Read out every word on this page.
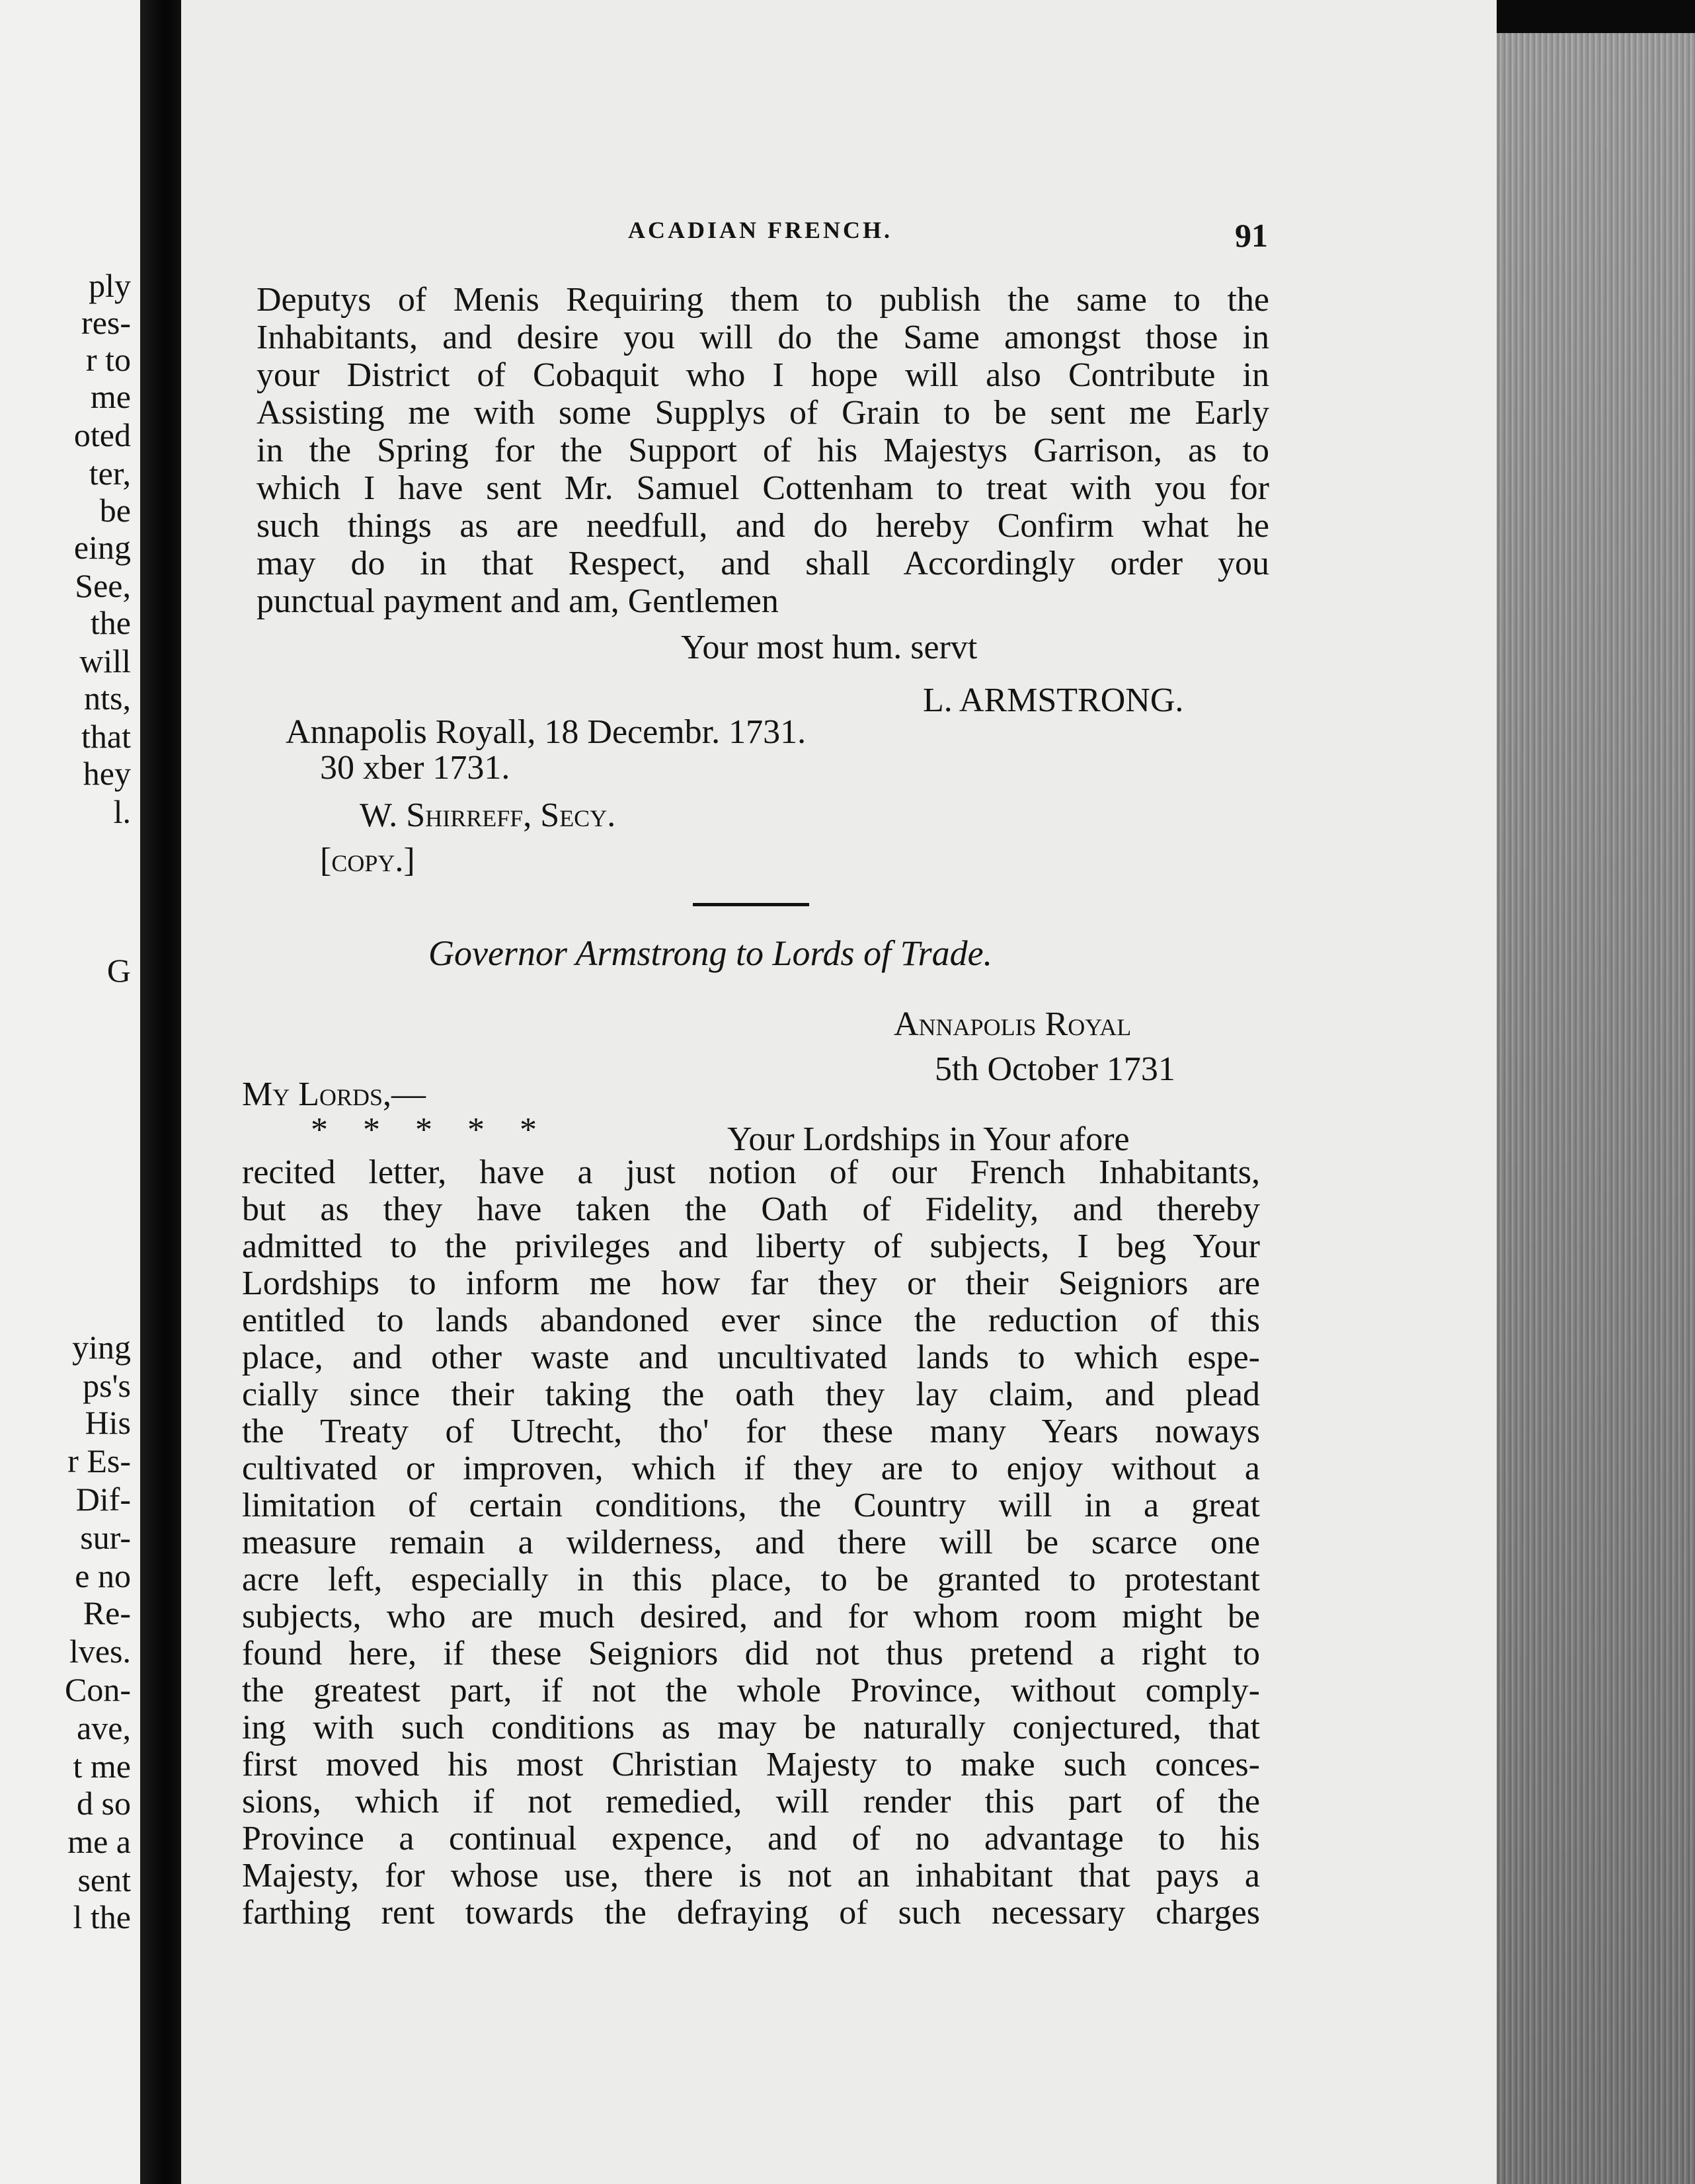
ply
res-
r to
me
oted
ter,
be
eing
See,
the
will
nts,
that
hey
l.
G
ying
ps's
His
r Es-
Dif-
sur-
e no
Re-
lves.
Con-
ave,
t me
d so
me a
sent
l the
ACADIAN FRENCH.	91
Deputys of Menis Requiring them to publish the same to the
Inhabitants, and desire you will do the Same amongst those in
your District of Cobaquit who I hope will also Contribute in
Assisting me with some Supplys of Grain to be sent me Early
in the Spring for the Support of his Majestys Garrison, as to
which I have sent Mr. Samuel Cottenham to treat with you for
such things as are needfull, and do hereby Confirm what he
may do in that Respect, and shall Accordingly order you
punctual payment and am, Gentlemen
Your most hum. servt
L. ARMSTRONG.
Annapolis Royall, 18 Decembr. 1731.
30 xber 1731.
W. Shirreff, Secy.
[copy.]
Governor Armstrong to Lords of Trade.
Annapolis Royal
5th October 1731
My Lords,—
* * * * *	Your Lordships in Your afore
recited letter, have a just notion of our French Inhabitants,
but as they have taken the Oath of Fidelity, and thereby
admitted to the privileges and liberty of subjects, I beg Your
Lordships to inform me how far they or their Seigniors are
entitled to lands abandoned ever since the reduction of this
place, and other waste and uncultivated lands to which espe-
cially since their taking the oath they lay claim, and plead
the Treaty of Utrecht, tho' for these many Years noways
cultivated or improven, which if they are to enjoy without a
limitation of certain conditions, the Country will in a great
measure remain a wilderness, and there will be scarce one
acre left, especially in this place, to be granted to protestant
subjects, who are much desired, and for whom room might be
found here, if these Seigniors did not thus pretend a right to
the greatest part, if not the whole Province, without comply-
ing with such conditions as may be naturally conjectured, that
first moved his most Christian Majesty to make such conces-
sions, which if not remedied, will render this part of the
Province a continual expence, and of no advantage to his
Majesty, for whose use, there is not an inhabitant that pays a
farthing rent towards the defraying of such necessary charges
